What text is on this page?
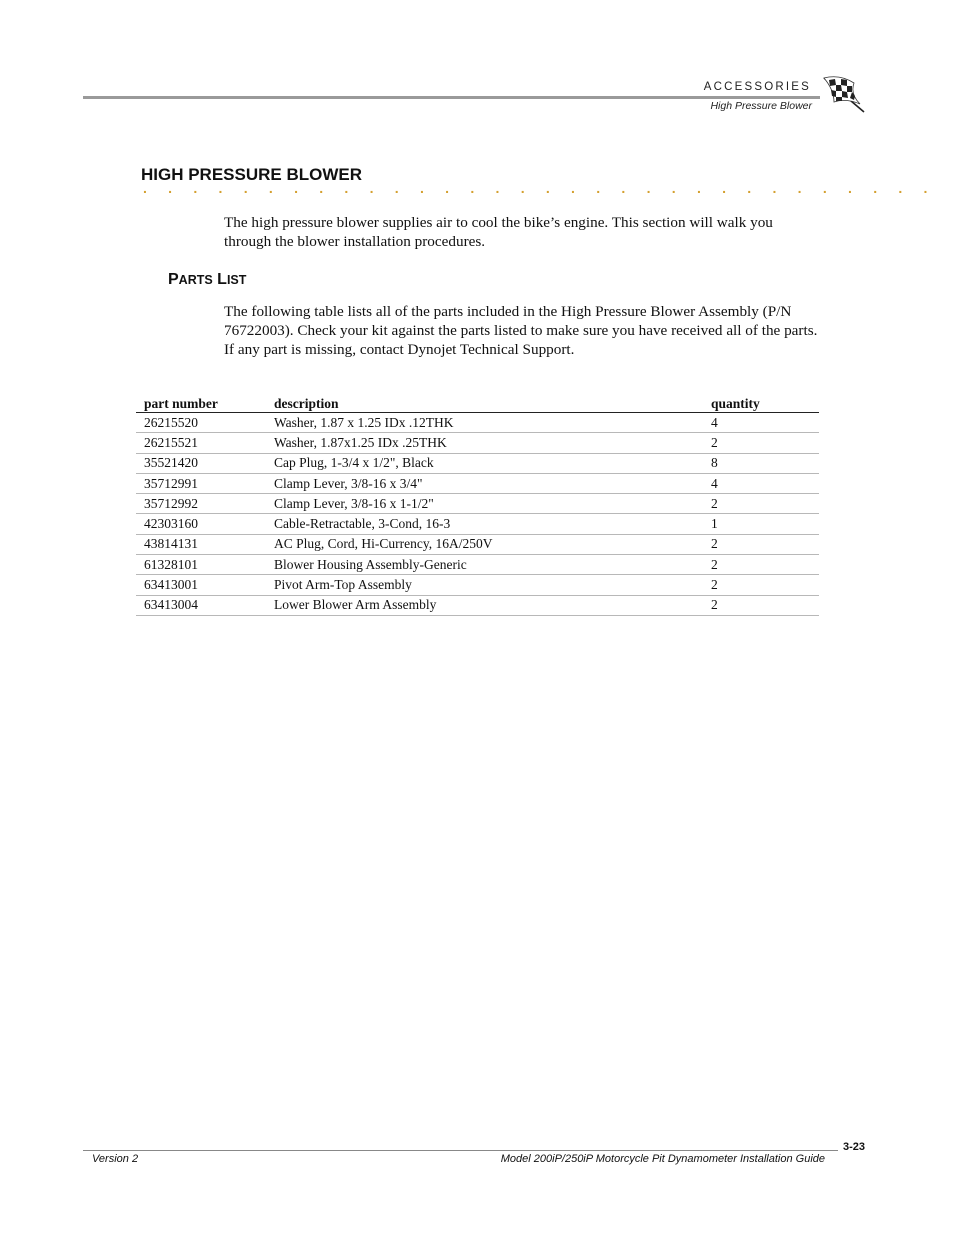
ACCESSORIES
High Pressure Blower
HIGH PRESSURE BLOWER
. . . . . . . . . . . . . . . . . . . . . . . . . . . . . . . .

The high pressure blower supplies air to cool the bike’s engine. This section will walk you through the blower installation procedures.

PARTS LIST

The following table lists all of the parts included in the High Pressure Blower Assembly (P/N 76722003). Check your kit against the parts listed to make sure you have received all of the parts. If any part is missing, contact Dynojet Technical Support.

part number	description	quantity
26215520	Washer, 1.87 x 1.25 IDx .12THK	4
26215521	Washer, 1.87x1.25 IDx .25THK	2
35521420	Cap Plug, 1-3/4 x 1/2", Black	8
35712991	Clamp Lever, 3/8-16 x 3/4"	4
35712992	Clamp Lever, 3/8-16 x 1-1/2"	2
42303160	Cable-Retractable, 3-Cond, 16-3	1
43814131	AC Plug, Cord, Hi-Currency, 16A/250V	2
61328101	Blower Housing Assembly-Generic	2
63413001	Pivot Arm-Top Assembly	2
63413004	Lower Blower Arm Assembly	2
3-23
Version 2	Model 200iP/250iP Motorcycle Pit Dynamometer Installation Guide
